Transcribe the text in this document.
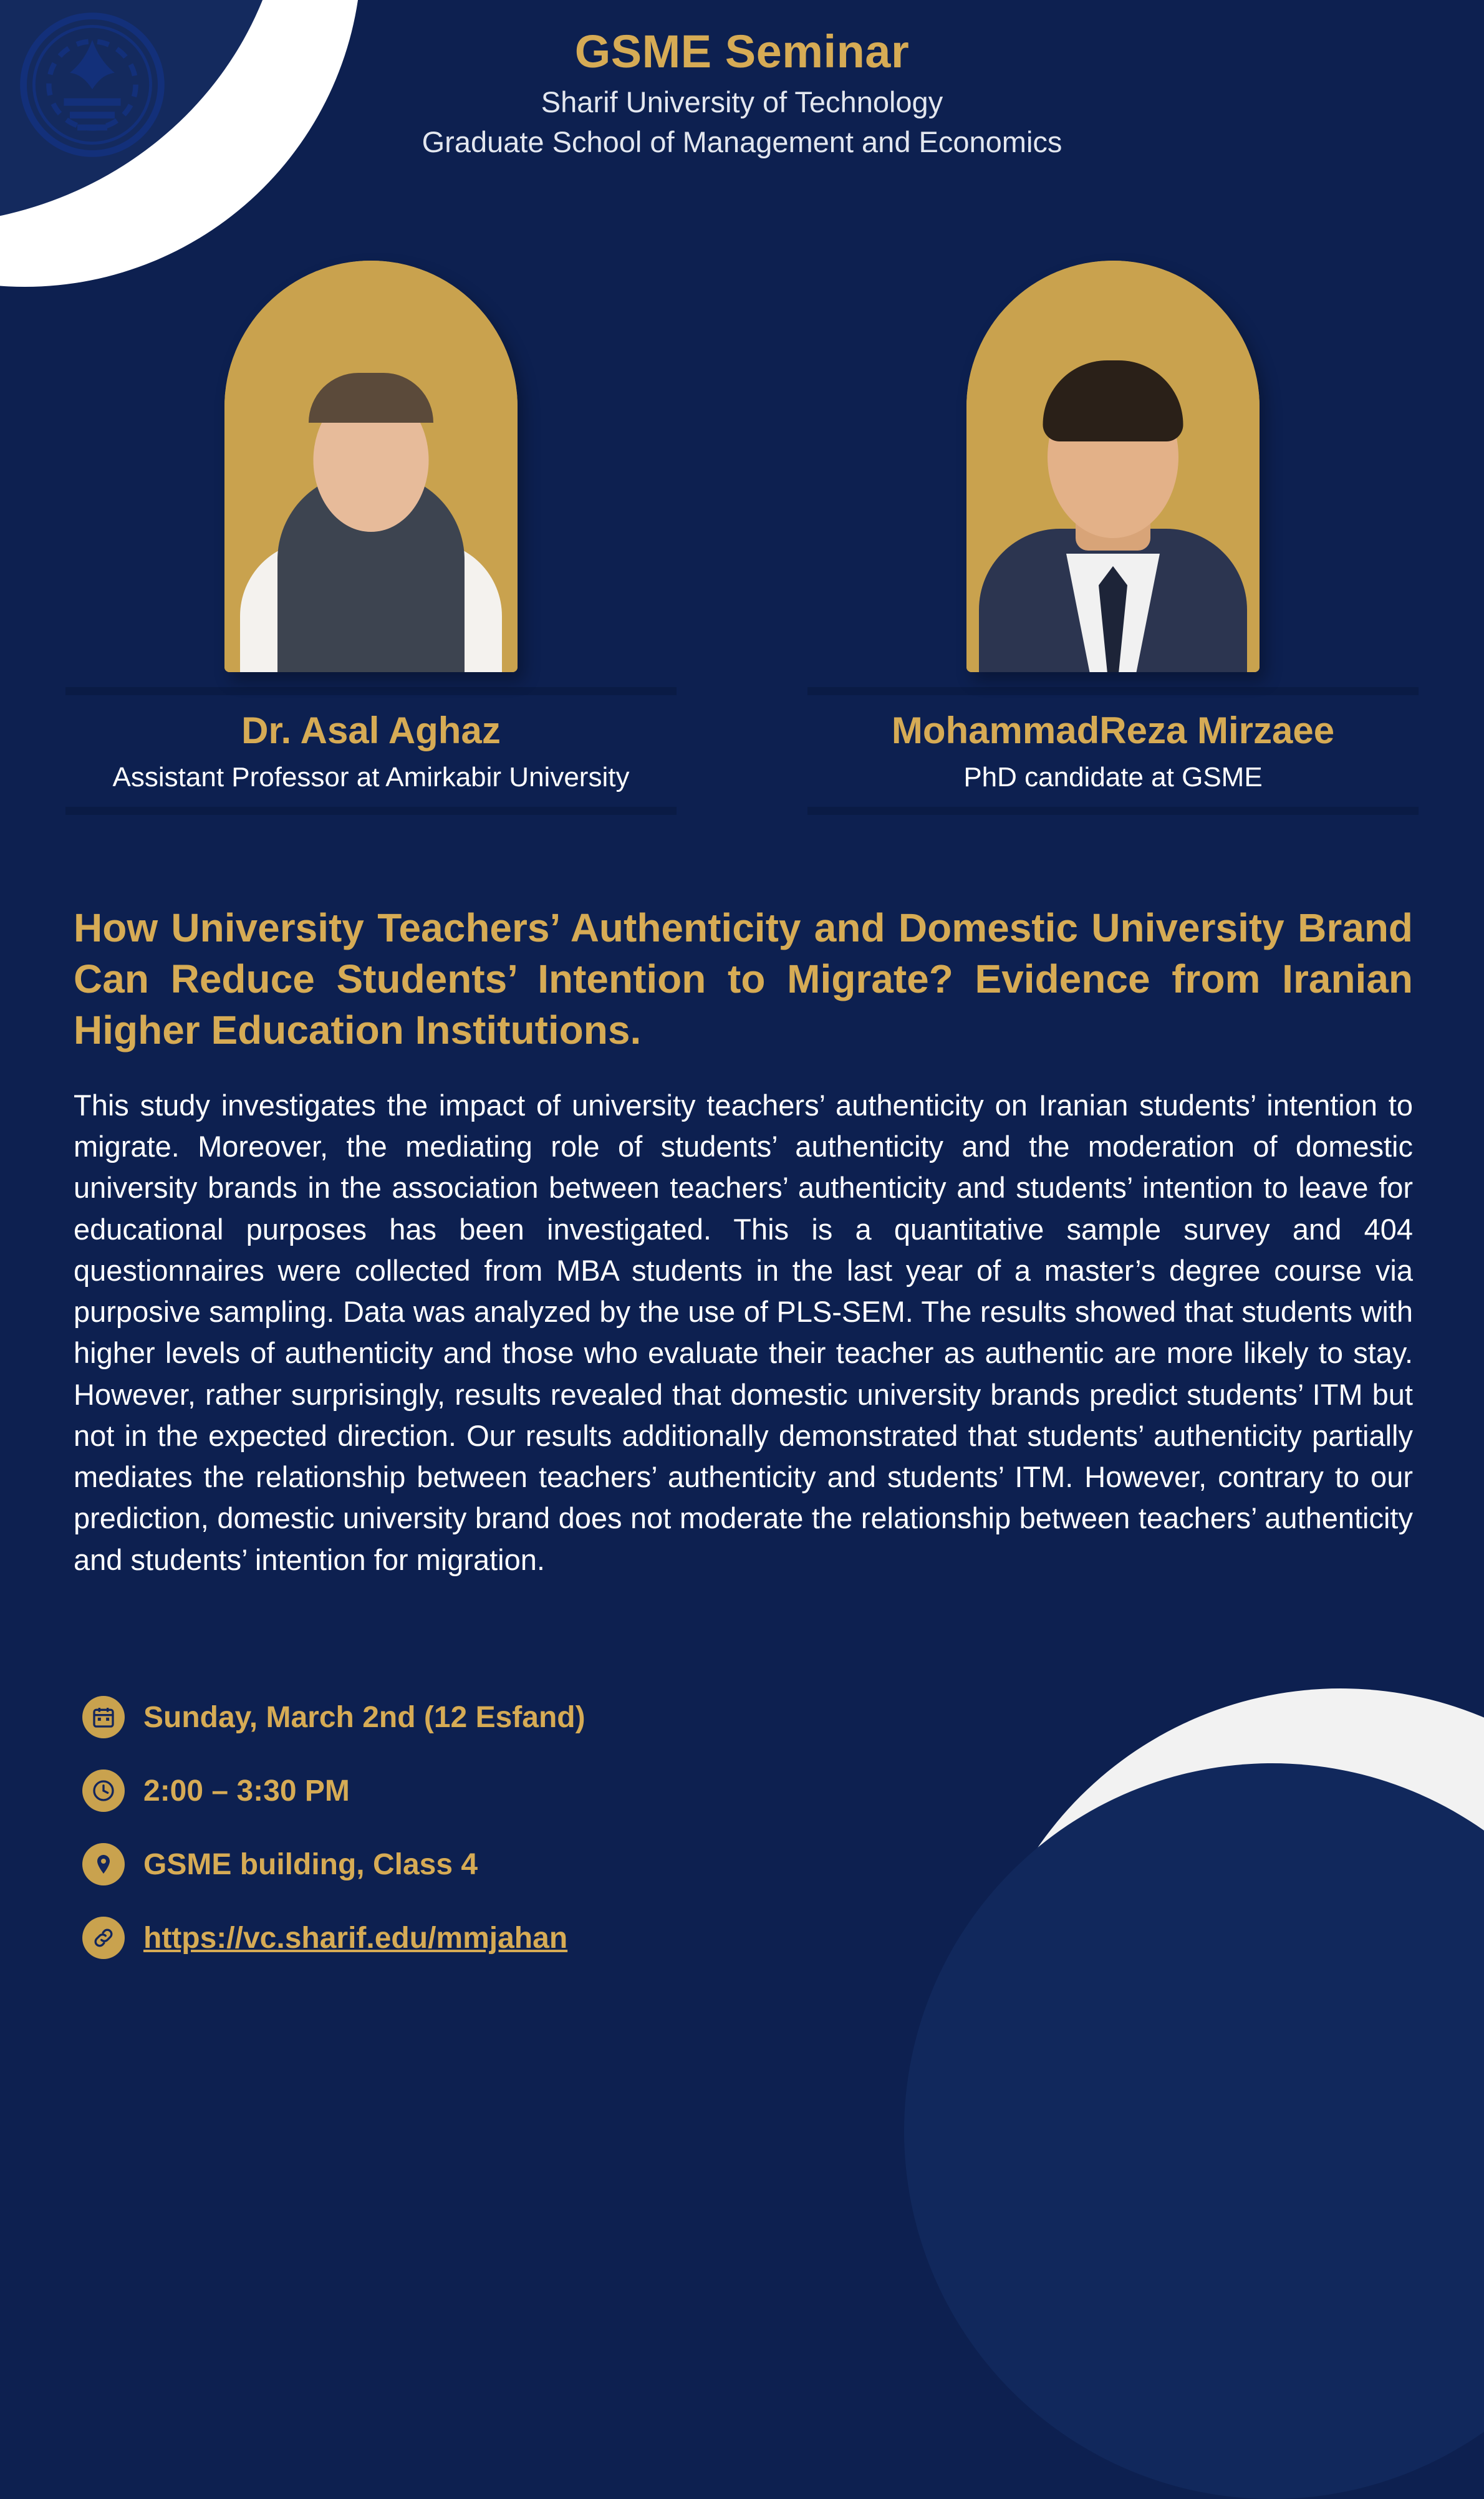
GSME Seminar
Sharif University of Technology
Graduate School of Management and Economics
Dr. Asal Aghaz
Assistant Professor at Amirkabir University
MohammadReza Mirzaee
PhD candidate at GSME
How University Teachers’ Authenticity and Domestic University Brand Can Reduce Students’ Intention to Migrate? Evidence from Iranian Higher Education Institutions.
This study investigates the impact of university teachers’ authenticity on Iranian students’ intention to migrate. Moreover, the mediating role of students’ authenticity and the moderation of domestic university brands in the association between teachers’ authenticity and students’ intention to leave for educational purposes has been investigated. This is a quantitative sample survey and 404 questionnaires were collected from MBA students in the last year of a master’s degree course via purposive sampling. Data was analyzed by the use of PLS-SEM. The results showed that students with higher levels of authenticity and those who evaluate their teacher as authentic are more likely to stay. However, rather surprisingly, results revealed that domestic university brands predict students’ ITM but not in the expected direction. Our results additionally demonstrated that students’ authenticity partially mediates the relationship between teachers’ authenticity and students’ ITM. However, contrary to our prediction, domestic university brand does not moderate the relationship between teachers’ authenticity and students’ intention for migration.
Sunday, March 2nd (12 Esfand)
2:00 – 3:30 PM
GSME building, Class 4
https://vc.sharif.edu/mmjahan
